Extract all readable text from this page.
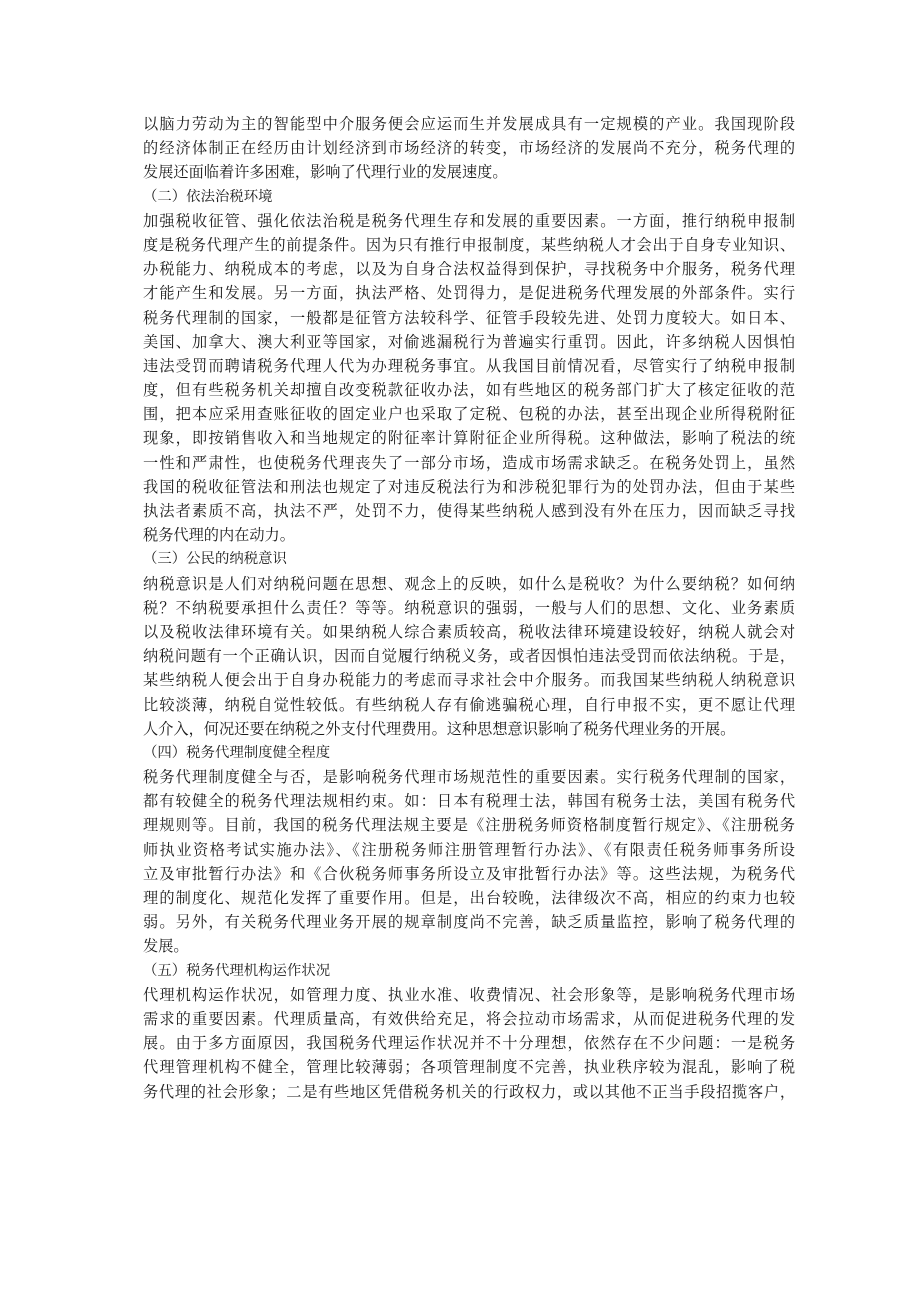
以脑力劳动为主的智能型中介服务便会应运而生并发展成具有一定规模的产业。我国现阶段
的经济体制正在经历由计划经济到市场经济的转变，市场经济的发展尚不充分，税务代理的
发展还面临着许多困难，影响了代理行业的发展速度。
（二）依法治税环境
加强税收征管、强化依法治税是税务代理生存和发展的重要因素。一方面，推行纳税申报制
度是税务代理产生的前提条件。因为只有推行申报制度，某些纳税人才会出于自身专业知识、
办税能力、纳税成本的考虑，以及为自身合法权益得到保护，寻找税务中介服务，税务代理
才能产生和发展。另一方面，执法严格、处罚得力，是促进税务代理发展的外部条件。实行
税务代理制的国家，一般都是征管方法较科学、征管手段较先进、处罚力度较大。如日本、
美国、加拿大、澳大利亚等国家，对偷逃漏税行为普遍实行重罚。因此，许多纳税人因惧怕
违法受罚而聘请税务代理人代为办理税务事宜。从我国目前情况看，尽管实行了纳税申报制
度，但有些税务机关却擅自改变税款征收办法，如有些地区的税务部门扩大了核定征收的范
围，把本应采用查账征收的固定业户也采取了定税、包税的办法，甚至出现企业所得税附征
现象，即按销售收入和当地规定的附征率计算附征企业所得税。这种做法，影响了税法的统
一性和严肃性，也使税务代理丧失了一部分市场，造成市场需求缺乏。在税务处罚上，虽然
我国的税收征管法和刑法也规定了对违反税法行为和涉税犯罪行为的处罚办法，但由于某些
执法者素质不高，执法不严，处罚不力，使得某些纳税人感到没有外在压力，因而缺乏寻找
税务代理的内在动力。
（三）公民的纳税意识
纳税意识是人们对纳税问题在思想、观念上的反映，如什么是税收？为什么要纳税？如何纳
税？不纳税要承担什么责任？等等。纳税意识的强弱，一般与人们的思想、文化、业务素质
以及税收法律环境有关。如果纳税人综合素质较高，税收法律环境建设较好，纳税人就会对
纳税问题有一个正确认识，因而自觉履行纳税义务，或者因惧怕违法受罚而依法纳税。于是，
某些纳税人便会出于自身办税能力的考虑而寻求社会中介服务。而我国某些纳税人纳税意识
比较淡薄，纳税自觉性较低。有些纳税人存有偷逃骗税心理，自行申报不实，更不愿让代理
人介入，何况还要在纳税之外支付代理费用。这种思想意识影响了税务代理业务的开展。
（四）税务代理制度健全程度
税务代理制度健全与否，是影响税务代理市场规范性的重要因素。实行税务代理制的国家，
都有较健全的税务代理法规相约束。如：日本有税理士法，韩国有税务士法，美国有税务代
理规则等。目前，我国的税务代理法规主要是《注册税务师资格制度暂行规定》、《注册税务
师执业资格考试实施办法》、《注册税务师注册管理暂行办法》、《有限责任税务师事务所设
立及审批暂行办法》和《合伙税务师事务所设立及审批暂行办法》等。这些法规，为税务代
理的制度化、规范化发挥了重要作用。但是，出台较晚，法律级次不高，相应的约束力也较
弱。另外，有关税务代理业务开展的规章制度尚不完善，缺乏质量监控，影响了税务代理的
发展。
（五）税务代理机构运作状况
代理机构运作状况，如管理力度、执业水准、收费情况、社会形象等，是影响税务代理市场
需求的重要因素。代理质量高，有效供给充足，将会拉动市场需求，从而促进税务代理的发
展。由于多方面原因，我国税务代理运作状况并不十分理想，依然存在不少问题：一是税务
代理管理机构不健全，管理比较薄弱；各项管理制度不完善，执业秩序较为混乱，影响了税
务代理的社会形象；二是有些地区凭借税务机关的行政权力，或以其他不正当手段招揽客户，
